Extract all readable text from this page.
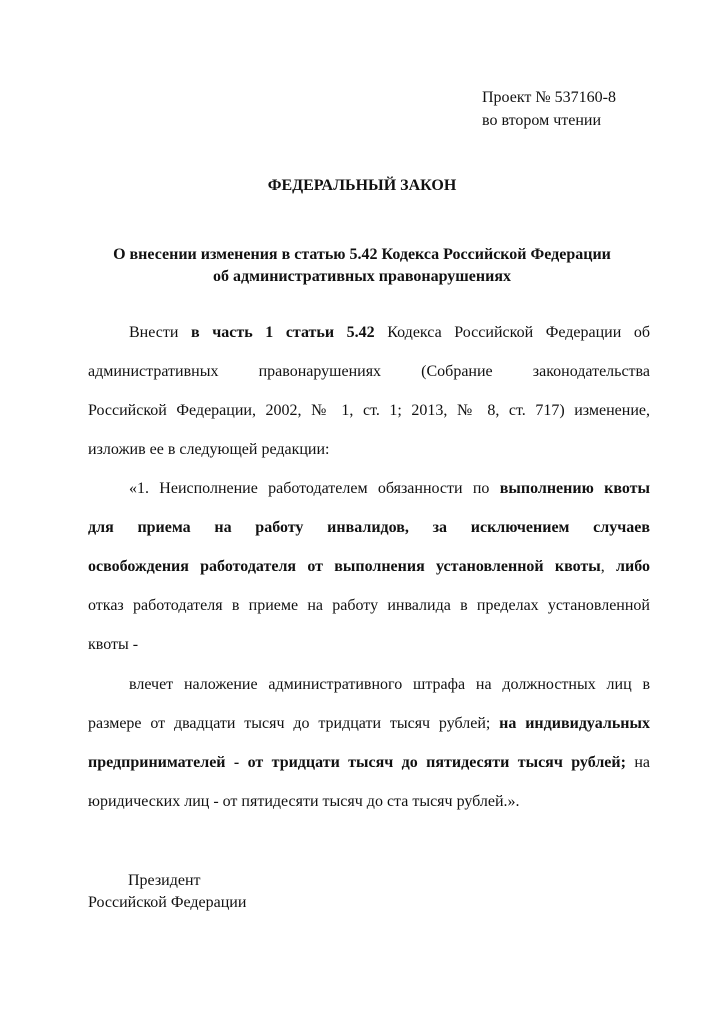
Проект № 537160-8
во втором чтении
ФЕДЕРАЛЬНЫЙ ЗАКОН
О внесении изменения в статью 5.42 Кодекса Российской Федерации
об административных правонарушениях
Внести в часть 1 статьи 5.42 Кодекса Российской Федерации об
административных правонарушениях (Собрание законодательства
Российской Федерации, 2002, № 1, ст. 1; 2013, № 8, ст. 717) изменение,
изложив ее в следующей редакции:
«1. Неисполнение работодателем обязанности по выполнению квоты
для приема на работу инвалидов, за исключением случаев
освобождения работодателя от выполнения установленной квоты, либо
отказ работодателя в приеме на работу инвалида в пределах установленной
квоты -
влечет наложение административного штрафа на должностных лиц в
размере от двадцати тысяч до тридцати тысяч рублей; на индивидуальных
предпринимателей - от тридцати тысяч до пятидесяти тысяч рублей; на
юридических лиц - от пятидесяти тысяч до ста тысяч рублей.».
Президент
Российской Федерации
